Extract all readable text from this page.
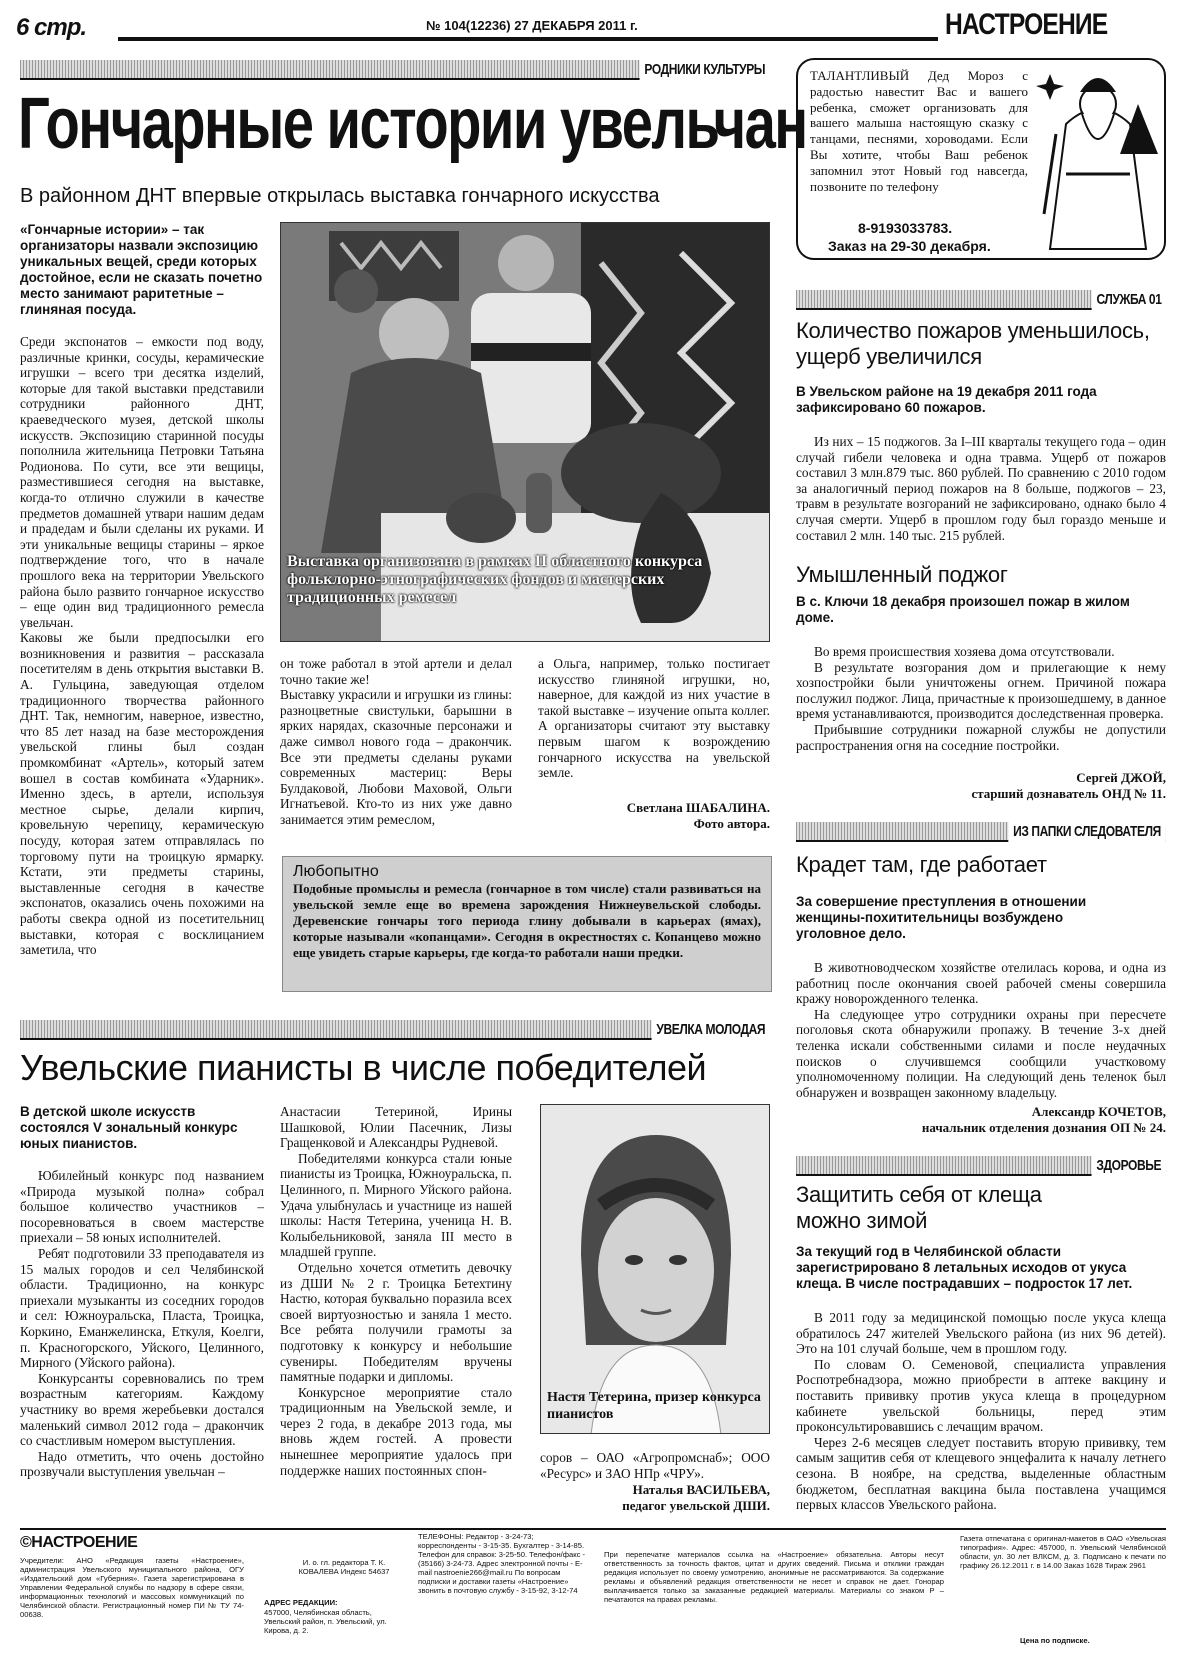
6 стр.	№ 104(12236) 27 ДЕКАБРЯ 2011 г.	НАСТРОЕНИЕ
РОДНИКИ КУЛЬТУРЫ
Гончарные истории увельчан
В районном ДНТ впервые открылась выставка гончарного искусства
«Гончарные истории» – так организаторы назвали экспозицию уникальных вещей, среди которых достойное, если не сказать почетно место занимают раритетные – глиняная посуда.

Среди экспонатов – емкости под воду, различные кринки, сосуды, керамические игрушки – всего три десятка изделий, которые для такой выставки представили сотрудники районного ДНТ, краеведческого музея, детской школы искусств. Экспозицию старинной посуды пополнила жительница Петровки Татьяна Родионова. По сути, все эти вещицы, разместившиеся сегодня на выставке, когда-то отлично служили в качестве предметов домашней утвари нашим дедам и прадедам и были сделаны их руками. И эти уникальные вещицы старины – яркое подтверждение того, что в начале прошлого века на территории Увельского района было развито гончарное искусство – еще один вид традиционного ремесла увельчан.

Каковы же были предпосылки его возникновения и развития – рассказала посетителям в день открытия выставки В. А. Гульцина, заведующая отделом традиционного творчества районного ДНТ. Так, немногим, наверное, известно, что 85 лет назад на базе месторождения увельской глины был создан промкомбинат «Артель», который затем вошел в состав комбината «Ударник». Именно здесь, в артели, используя местное сырье, делали кирпич, кровельную черепицу, керамическую посуду, которая затем отправлялась по торговому пути на троицкую ярмарку. Кстати, эти предметы старины, выставленные сегодня в качестве экспонатов, оказались очень похожими на работы свекра одной из посетительниц выставки, которая с восклицанием заметила, что

Выставка организована в рамках II областного конкурса фольклорно-этнографических фондов и мастерских традиционных ремесел

он тоже работал в этой артели и делал точно такие же!

Выставку украсили и игрушки из глины: разноцветные свистульки, барышни в ярких нарядах, сказочные персонажи и даже символ нового года – дракончик. Все эти предметы сделаны руками современных мастериц: Веры Булдаковой, Любови Маховой, Ольги Игнатьевой. Кто-то из них уже давно занимается этим ремеслом,

а Ольга, например, только постигает искусство глиняной игрушки, но, наверное, для каждой из них участие в такой выставке – изучение опыта коллег. А организаторы считают эту выставку первым шагом к возрождению гончарного искусства на увельской земле.

Светлана ШАБАЛИНА.
Фото автора.
Любопытно
Подобные промыслы и ремесла (гончарное в том числе) стали развиваться на увельской земле еще во времена зарождения Нижнеувельской слободы. Деревенские гончары того периода глину добывали в карьерах (ямах), которые называли «копанцами». Сегодня в окрестностях с. Копанцево можно еще увидеть старые карьеры, где когда-то работали наши предки.
ТАЛАНТЛИВЫЙ Дед Мороз с радостью навестит Вас и вашего ребенка, сможет организовать для вашего малыша настоящую сказку с танцами, песнями, хороводами. Если Вы хотите, чтобы Ваш ребенок запомнил этот Новый год навсегда, позвоните по телефону
8-9193033783.
Заказ на 29-30 декабря.
СЛУЖБА 01
Количество пожаров уменьшилось, ущерб увеличился
В Увельском районе на 19 декабря 2011 года зафиксировано 60 пожаров.

Из них – 15 поджогов. За I–III кварталы текущего года – один случай гибели человека и одна травма. Ущерб от пожаров составил 3 млн.879 тыс. 860 рублей. По сравнению с 2010 годом за аналогичный период пожаров на 8 больше, поджогов – 23, травм в результате возгораний не зафиксировано, однако было 4 случая смерти. Ущерб в прошлом году был гораздо меньше и составил 2 млн. 140 тыс. 215 рублей.

Умышленный поджог
В с. Ключи 18 декабря произошел пожар в жилом доме.

Во время происшествия хозяева дома отсутствовали.

В результате возгорания дом и прилегающие к нему хозпостройки были уничтожены огнем. Причиной пожара послужил поджог. Лица, причастные к произошедшему, в данное время устанавливаются, производится доследственная проверка.

Прибывшие сотрудники пожарной службы не допустили распространения огня на соседние постройки.

Сергей ДЖОЙ,
старший дознаватель ОНД № 11.
ИЗ ПАПКИ СЛЕДОВАТЕЛЯ
Крадет там, где работает
За совершение преступления в отношении женщины-похитительницы возбуждено уголовное дело.

В животноводческом хозяйстве отелилась корова, и одна из работниц после окончания своей рабочей смены совершила кражу новорожденного теленка.

На следующее утро сотрудники охраны при пересчете поголовья скота обнаружили пропажу. В течение 3-х дней теленка искали собственными силами и после неудачных поисков о случившемся сообщили участковому уполномоченному полиции. На следующий день теленок был обнаружен и возвращен законному владельцу.

Александр КОЧЕТОВ,
начальник отделения дознания ОП № 24.
ЗДОРОВЬЕ
Защитить себя от клеща можно зимой
За текущий год в Челябинской области зарегистрировано 8 летальных исходов от укуса клеща. В числе пострадавших – подросток 17 лет.

В 2011 году за медицинской помощью после укуса клеща обратилось 247 жителей Увельского района (из них 96 детей). Это на 101 случай больше, чем в прошлом году.

По словам О. Семеновой, специалиста управления Роспотребнадзора, можно приобрести в аптеке вакцину и поставить прививку против укуса клеща в процедурном кабинете увельской больницы, перед этим проконсультировавшись с лечащим врачом.

Через 2-6 месяцев следует поставить вторую прививку, тем самым защитив себя от клещевого энцефалита к началу летнего сезона. В ноябре, на средства, выделенные областным бюджетом, бесплатная вакцина была поставлена учащимся первых классов Увельского района.

УВЕЛКА МОЛОДАЯ
Увельские пианисты в числе победителей
В детской школе искусств состоялся V зональный конкурс юных пианистов.

Юбилейный конкурс под названием «Природа музыкой полна» собрал большое количество участников – посоревноваться в своем мастерстве приехали – 58 юных исполнителей.

Ребят подготовили 33 преподавателя из 15 малых городов и сел Челябинской области. Традиционно, на конкурс приехали музыканты из соседних городов и сел: Южноуральска, Пласта, Троицка, Коркино, Еманжелинска, Еткуля, Коелги, п. Красногорского, Уйского, Целинного, Мирного (Уйского района).

Конкурсанты соревновались по трем возрастным категориям. Каждому участнику во время жеребьевки достался маленький символ 2012 года – дракончик со счастливым номером выступления.

Надо отметить, что очень достойно прозвучали выступления увельчан –

Анастасии Тетериной, Ирины Шашковой, Юлии Пасечник, Лизы Гращенковой и Александры Рудневой.

Победителями конкурса стали юные пианисты из Троицка, Южноуральска, п. Целинного, п. Мирного Уйского района. Удача улыбнулась и участнице из нашей школы: Настя Тетерина, ученица Н. В. Колыбельниковой, заняла III место в младшей группе.

Отдельно хочется отметить девочку из ДШИ № 2 г. Троицка Бетехтину Настю, которая буквально поразила всех своей виртуозностью и заняла 1 место. Все ребята получили грамоты за подготовку к конкурсу и небольшие сувениры. Победителям вручены памятные подарки и дипломы.

Конкурсное мероприятие стало традиционным на Увельской земле, и через 2 года, в декабре 2013 года, мы вновь ждем гостей. А провести нынешнее мероприятие удалось при поддержке наших постоянных спон-

Настя Тетерина, призер конкурса пианистов

соров – ОАО «Агропромснаб»; ООО «Ресурс» и ЗАО НПр «ЧРУ».

Наталья ВАСИЛЬЕВА,
педагог увельской ДШИ.
©НАСТРОЕНИЕ
Учредители: АНО «Редакция газеты «Настроение», администрация Увельского муниципального района, ОГУ «Издательский дом «Губерния». Газета зарегистрирована в Управлении Федеральной службы по надзору в сфере связи, информационных технологий и массовых коммуникаций по Челябинской области. Регистрационный номер ПИ № ТУ 74-00638.
И. о. гл. редактора Т. К. КОВАЛЕВА Индекс 54637
АДРЕС РЕДАКЦИИ:
457000, Челябинская область, Увельский район, п. Увельский, ул. Кирова, д. 2.
ТЕЛЕФОНЫ: Редактор - 3-24-73; корреспонденты - 3-15-35. Бухгалтер - 3-14-85. Телефон для справок: 3-25-50. Телефон/факс - (35166) 3-24-73. Адрес электронной почты - E-mail nastroenie266@mail.ru По вопросам подписки и доставки газеты «Настроение» звонить в почтовую службу - 3-15-92, 3-12-74
При перепечатке материалов ссылка на «Настроение» обязательна. Авторы несут ответственность за точность фактов, цитат и других сведений. Письма и отклики граждан редакция использует по своему усмотрению, анонимные не рассматриваются. За содержание рекламы и объявлений редакция ответственности не несет и справок не дает. Гонорар выплачивается только за заказанные редакцией материалы. Материалы со знаком Р – печатаются на правах рекламы.
Газета отпечатана с оригинал-макетов в ОАО «Увельская типография». Адрес: 457000, п. Увельский Челябинской области, ул. 30 лет ВЛКСМ, д. 3. Подписано к печати по графику 26.12.2011 г. в 14.00 Заказ 1628 Тираж 2961
Цена по подписке.
